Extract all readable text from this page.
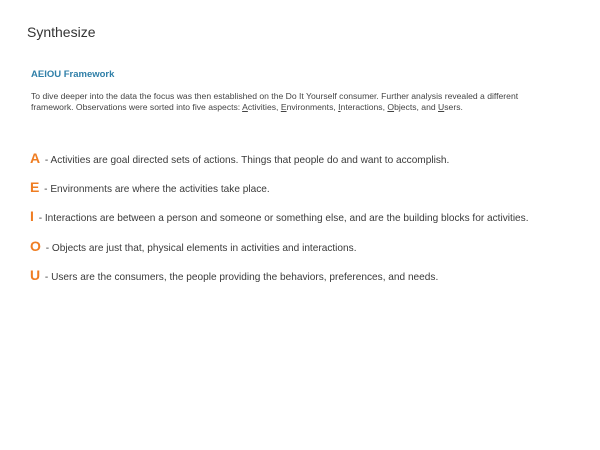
Synthesize
AEIOU Framework

To dive deeper into the data the focus was then established on the Do It Yourself consumer. Further analysis revealed a different framework. Observations were sorted into five aspects: Activities, Environments, Interactions, Objects, and Users.

A - Activities are goal directed sets of actions. Things that people do and want to accomplish.
E - Environments are where the activities take place.
I - Interactions are between a person and someone or something else, and are the building blocks for activities.
O - Objects are just that, physical elements in activities and interactions.
U - Users are the consumers, the people providing the behaviors, preferences, and needs.
